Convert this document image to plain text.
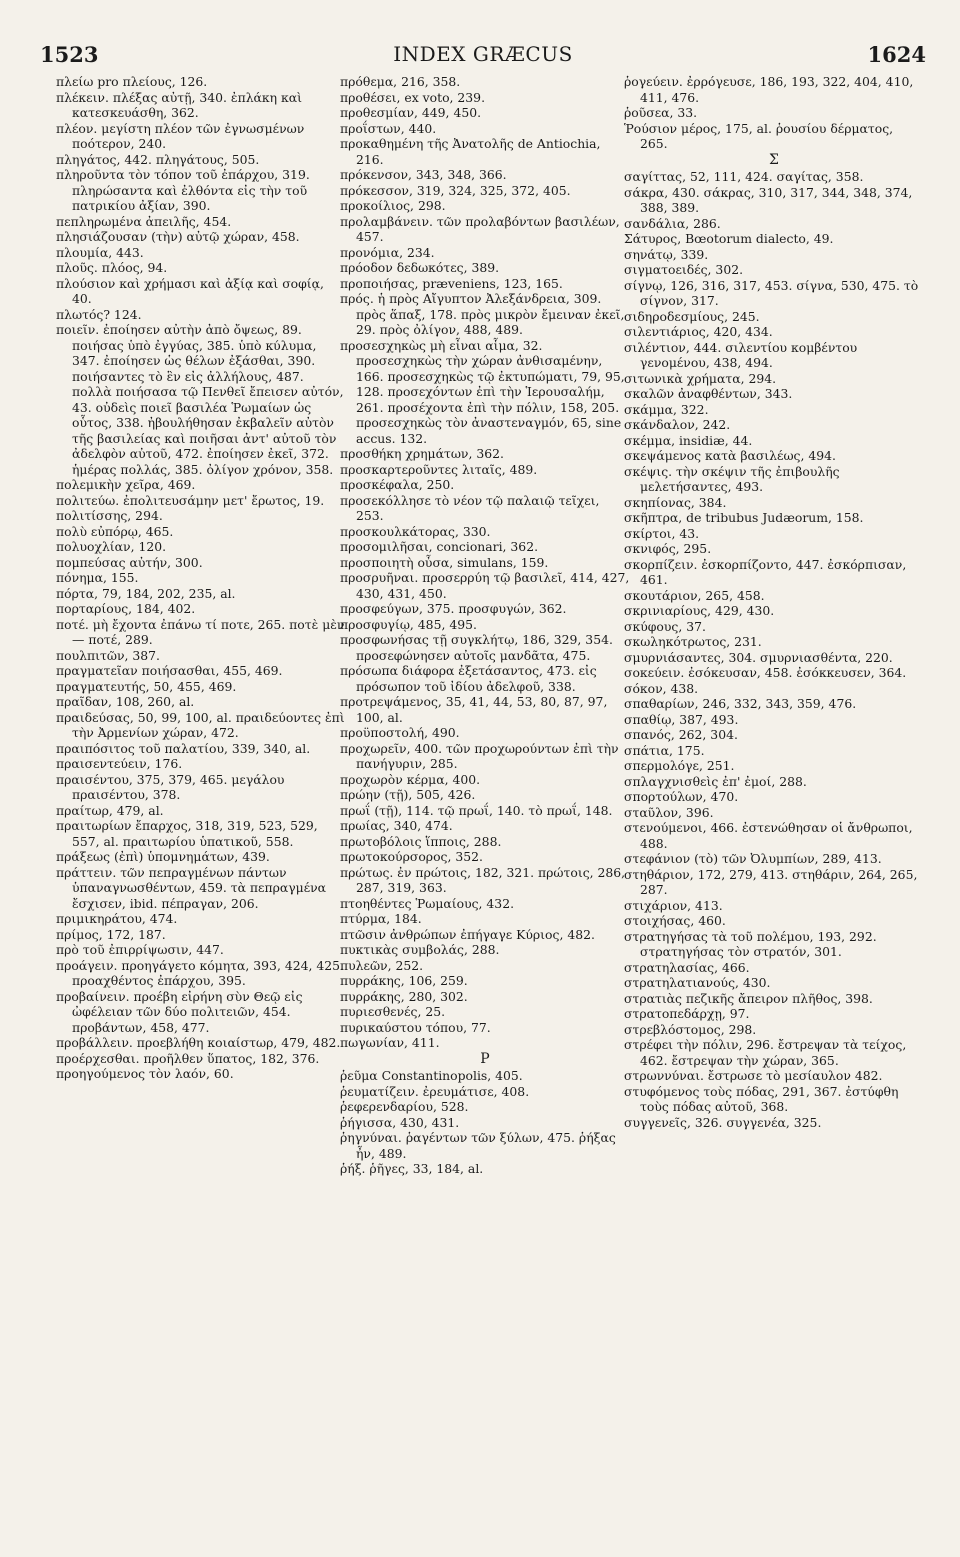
1523	INDEX GRÆCUS	1624

πλείω pro πλείους, 126.

πλέκειν. πλέξας αὐτῇ, 340. ἐπλάκη καὶ κατεσκευάσθη, 362.

πλέον. μεγίστη πλέον τῶν ἐγνωσμένων ποότερον, 240.

πληγάτος, 442. πληγάτους, 505.

πληροῦντα τὸν τόπον τοῦ ἐπάρχου, 319. πληρώσαντα καὶ ἐλθόντα εἰς τὴν τοῦ πατρικίου ἀξίαν, 390.

πεπληρωμένα ἀπειλῆς, 454.

πλησιάζουσαν (τὴν) αὐτῷ χώραν, 458.

πλουμία, 443.

πλοῦς. πλόος, 94.

πλούσιον καὶ χρήμασι καὶ ἀξίᾳ καὶ σοφίᾳ, 40.

πλωτός? 124.

ποιεῖν. ἐποίησεν αὐτὴν ἀπὸ ὄψεως, 89. ποιήσας ὑπὸ ἐγγύας, 385. ὑπὸ κύλυμα, 347. ἐποίησεν ὡς θέλων ἐξάσθαι, 390. ποιήσαντες τὸ ἓν εἰς ἀλλήλους, 487. πολλὰ ποιήσασα τῷ Πενθεῖ ἔπεισεν αὐτόν, 43. οὐδεὶς ποιεῖ βασιλέα Ῥωμαίων ὡς οὗτος, 338. ἠβουλήθησαν ἐκβαλεῖν αὐτὸν τῆς βασιλείας καὶ ποιῆσαι ἀντ' αὐτοῦ τὸν ἀδελφὸν αὐτοῦ, 472. ἐποίησεν ἐκεῖ, 372. ἡμέρας πολλάς, 385. ὀλίγον χρόνον, 358.

πολεμικὴν χεῖρα, 469.

πολιτεύω. ἐπολιτευσάμην μετ' ἔρωτος, 19.

πολιτίσσης, 294.

πολὺ εὐπόρῳ, 465.

πολυοχλίαν, 120.

πομπεύσας αὐτήν, 300.

πόνημα, 155.

πόρτα, 79, 184, 202, 235, al.

πορταρίους, 184, 402.

ποτέ. μὴ ἔχοντα ἐπάνω τί ποτε, 265. ποτὲ μὲν — ποτέ, 289.

πουλπιτῶν, 387.

πραγματεῖαν ποιήσασθαι, 455, 469.

πραγματευτής, 50, 455, 469.

πραῖδαν, 108, 260, al.

πραιδεύσας, 50, 99, 100, al. πραιδεύοντες ἐπὶ τὴν Ἀρμενίων χώραν, 472.

πραιπόσιτος τοῦ παλατίου, 339, 340, al.

πραισεντεύειν, 176.

πραισέντου, 375, 379, 465. μεγάλου πραισέντου, 378.

πραίτωρ, 479, al.

πραιτωρίων ἔπαρχος, 318, 319, 523, 529, 557, al. πραιτωρίου ὑπατικοῦ, 558.

πράξεως (ἐπὶ) ὑπομνημάτων, 439.

πράττειν. τῶν πεπραγμένων πάντων ὑπαναγνωσθέντων, 459. τὰ πεπραγμένα ἔσχισεν, ibid. πέπραγαν, 206.

πριμικηράτου, 474.

πρίμος, 172, 187.

πρὸ τοῦ ἐπιρρίψωσιν, 447.

προάγειν. προηγάγετο κόμητα, 393, 424, 425. προαχθέντος ἐπάρχου, 395.

προβαίνειν. προέβη εἰρήνη σὺν Θεῷ εἰς ὠφέλειαν τῶν δύο πολιτειῶν, 454. προβάντων, 458, 477.

προβάλλειν. προεβλήθη κοιαίστωρ, 479, 482.

προέρχεσθαι. προῆλθεν ὕπατος, 182, 376.

προηγούμενος τὸν λαόν, 60.

πρόθεμα, 216, 358.

προθέσει, ex voto, 239.

προθεσμίαν, 449, 450.

προΐστων, 440.

προκαθημένη τῆς Ἀνατολῆς de Antiochia, 216.

πρόκενσον, 343, 348, 366.

πρόκεσσον, 319, 324, 325, 372, 405.

προκοίλιος, 298.

προλαμβάνειν. τῶν προλαβόντων βασιλέων, 457.

προνόμια, 234.

πρόοδον δεδωκότες, 389.

προποιήσας, præveniens, 123, 165.

πρός. ἡ πρὸς Αἴγυπτον Ἀλεξάνδρεια, 309. πρὸς ἅπαξ, 178. πρὸς μικρὸν ἔμειναν ἐκεῖ, 29. πρὸς ὀλίγον, 488, 489.

προσεσχηκὼς μὴ εἶναι αἷμα, 32. προσεσχηκὼς τὴν χώραν ἀνθισαμένην, 166. προσεσχηκὼς τῷ ἐκτυπώματι, 79, 95, 128. προσεχόντων ἐπὶ τὴν Ἱερουσαλήμ, 261. προσέχοντα ἐπὶ τὴν πόλιν, 158, 205. προσεσχηκὼς τὸν ἀναστεναγμόν, 65, sine accus. 132.

προσθήκη χρημάτων, 362.

προσκαρτεροῦντες λιταῖς, 489.

προσκέφαλα, 250.

προσεκόλλησε τὸ νέον τῷ παλαιῷ τεῖχει, 253.

προσκουλκάτορας, 330.

προσομιλῆσαι, concionari, 362.

προσποιητὴ οὖσα, simulans, 159.

προσρυῆναι. προσερρύη τῷ βασιλεῖ, 414, 427, 430, 431, 450.

προσφεύγων, 375. προσφυγών, 362.

προσφυγίῳ, 485, 495.

προσφωνήσας τῇ συγκλήτῳ, 186, 329, 354. προσεφώνησεν αὐτοῖς μανδᾶτα, 475.

πρόσωπα διάφορα ἐξετάσαντος, 473. εἰς πρόσωπον τοῦ ἰδίου ἀδελφοῦ, 338.

προτρεψάμενος, 35, 41, 44, 53, 80, 87, 97, 100, al.

προϋποστολή, 490.

προχωρεῖν, 400. τῶν προχωρούντων ἐπὶ τὴν πανήγυριν, 285.

προχωρὸν κέρμα, 400.

πρώην (τῇ), 505, 426.

πρωΐ (τῇ), 114. τῷ πρωΐ, 140. τὸ πρωΐ, 148.

πρωίας, 340, 474.

πρωτοβόλοις ἵπποις, 288.

πρωτοκούρσορος, 352.

πρώτως. ἐν πρώτοις, 182, 321. πρώτοις, 286, 287, 319, 363.

πτοηθέντες Ῥωμαίους, 432.

πτύρμα, 184.

πτῶσιν ἀνθρώπων ἐπήγαγε Κύριος, 482.

πυκτικὰς συμβολάς, 288.

πυλεῶν, 252.

πυρράκης, 106, 259.

πυρράκης, 280, 302.

πυριεσθενές, 25.

πυρικαύστου τόπου, 77.

πωγωνίαν, 411.

Ρ

ῥεῦμα Constantinopolis, 405.

ῥευματίζειν. ἐρευμάτισε, 408.

ῥεφερενδαρίου, 528.

ῥήγισσα, 430, 431.

ῥηγνύναι. ῥαγέντων τῶν ξύλων, 475. ῥήξας ἦν, 489.

ῥήξ. ῥῆγες, 33, 184, al.

ῥογεύειν. ἐρρόγευσε, 186, 193, 322, 404, 410, 411, 476.

ῥοῦσεα, 33.

Ῥούσιον μέρος, 175, al. ῥουσίου δέρματος, 265.

Σ

σαγίττας, 52, 111, 424. σαγίτας, 358.

σάκρα, 430. σάκρας, 310, 317, 344, 348, 374, 388, 389.

σανδάλια, 286.

Σάτυρος, Bœotorum dialecto, 49.

σηνάτῳ, 339.

σιγματοειδές, 302.

σίγνῳ, 126, 316, 317, 453. σίγνα, 530, 475. τὸ σίγνον, 317.

σιδηροδεσμίους, 245.

σιλεντιάριος, 420, 434.

σιλέντιον, 444. σιλεντίου κομβέντου γενομένου, 438, 494.

σιτωνικὰ χρήματα, 294.

σκαλῶν ἀναφθέντων, 343.

σκάμμα, 322.

σκάνδαλον, 242.

σκέμμα, insidiæ, 44.

σκεψάμενος κατὰ βασιλέως, 494.

σκέψις. τὴν σκέψιν τῆς ἐπιβουλῆς μελετήσαντες, 493.

σκηπίονας, 384.

σκῆπτρα, de tribubus Judæorum, 158.

σκίρτοι, 43.

σκνιφός, 295.

σκορπίζειν. ἐσκορπίζοντο, 447. ἐσκόρπισαν, 461.

σκουτάριον, 265, 458.

σκρινιαρίους, 429, 430.

σκύφους, 37.

σκωληκότρωτος, 231.

σμυρνιάσαντες, 304. σμυρνιασθέντα, 220.

σοκεύειν. ἐσόκευσαν, 458. ἐσόκκευσεν, 364.

σόκον, 438.

σπαθαρίων, 246, 332, 343, 359, 476.

σπαθίῳ, 387, 493.

σπανός, 262, 304.

σπάτια, 175.

σπερμολόγε, 251.

σπλαγχνισθεὶς ἐπ' ἐμοί, 288.

σπορτούλων, 470.

σταῦλον, 396.

στενούμενοι, 466. ἐστενώθησαν οἱ ἄνθρωποι, 488.

στεφάνιον (τὸ) τῶν Ὀλυμπίων, 289, 413.

στηθάριον, 172, 279, 413. στηθάριν, 264, 265, 287.

στιχάριον, 413.

στοιχήσας, 460.

στρατηγήσας τὰ τοῦ πολέμου, 193, 292. στρατηγήσας τὸν στρατόν, 301.

στρατηλασίας, 466.

στρατηλατιανούς, 430.

στρατιὰς πεζικῆς ἄπειρον πλῆθος, 398.

στρατοπεδάρχῃ, 97.

στρεβλόστομος, 298.

στρέφει τὴν πόλιν, 296. ἔστρεψαν τὰ τείχος, 462. ἔστρεψαν τὴν χώραν, 365.

στρωννύναι. ἔστρωσε τὸ μεσίαυλον 482.

στυφόμενος τοὺς πόδας, 291, 367. ἐστύφθη τοὺς πόδας αὐτοῦ, 368.

συγγενεῖς, 326. συγγενέα, 325.
